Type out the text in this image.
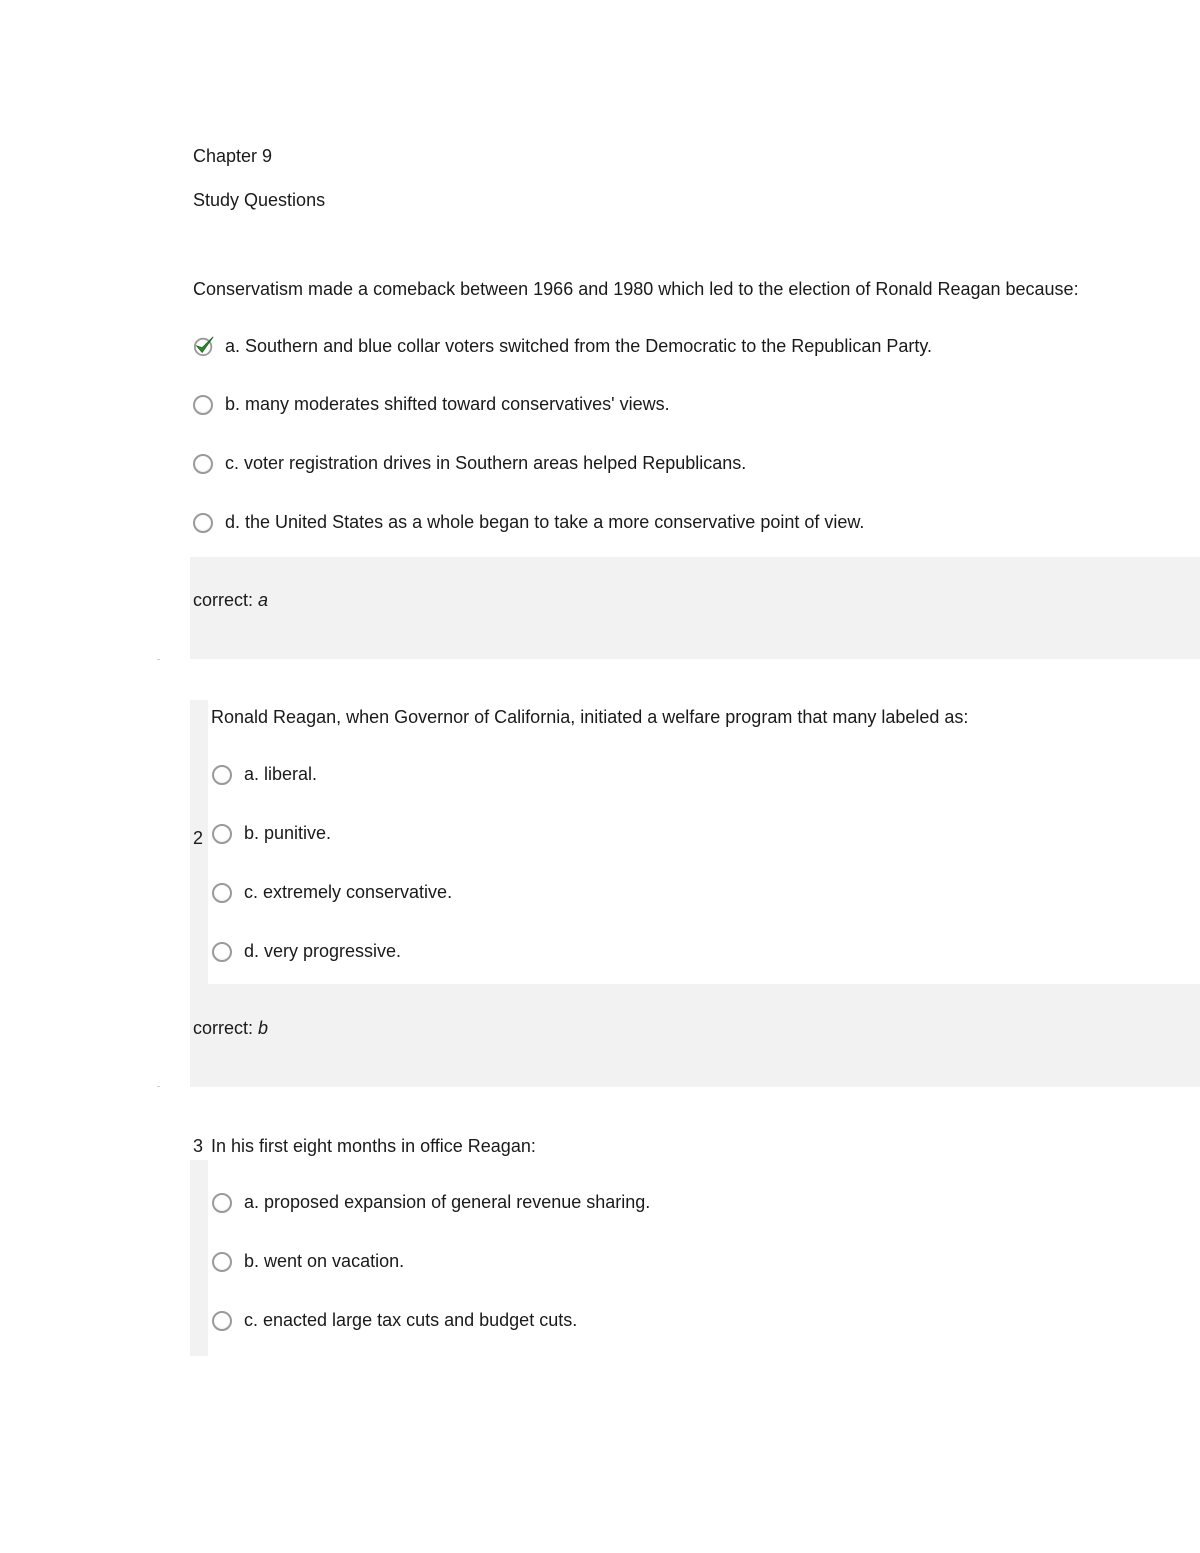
Chapter 9
Study Questions
Conservatism made a comeback between 1966 and 1980 which led to the election of Ronald Reagan because:
a. Southern and blue collar voters switched from the Democratic to the Republican Party.
b. many moderates shifted toward conservatives' views.
c. voter registration drives in Southern areas helped Republicans.
d. the United States as a whole began to take a more conservative point of view.
correct: a
correct: b
Ronald Reagan, when Governor of California, initiated a welfare program that many labeled as:
2
a. liberal.
b. punitive.
c. extremely conservative.
d. very progressive.
3 In his first eight months in office Reagan:
a. proposed expansion of general revenue sharing.
b. went on vacation.
c. enacted large tax cuts and budget cuts.
